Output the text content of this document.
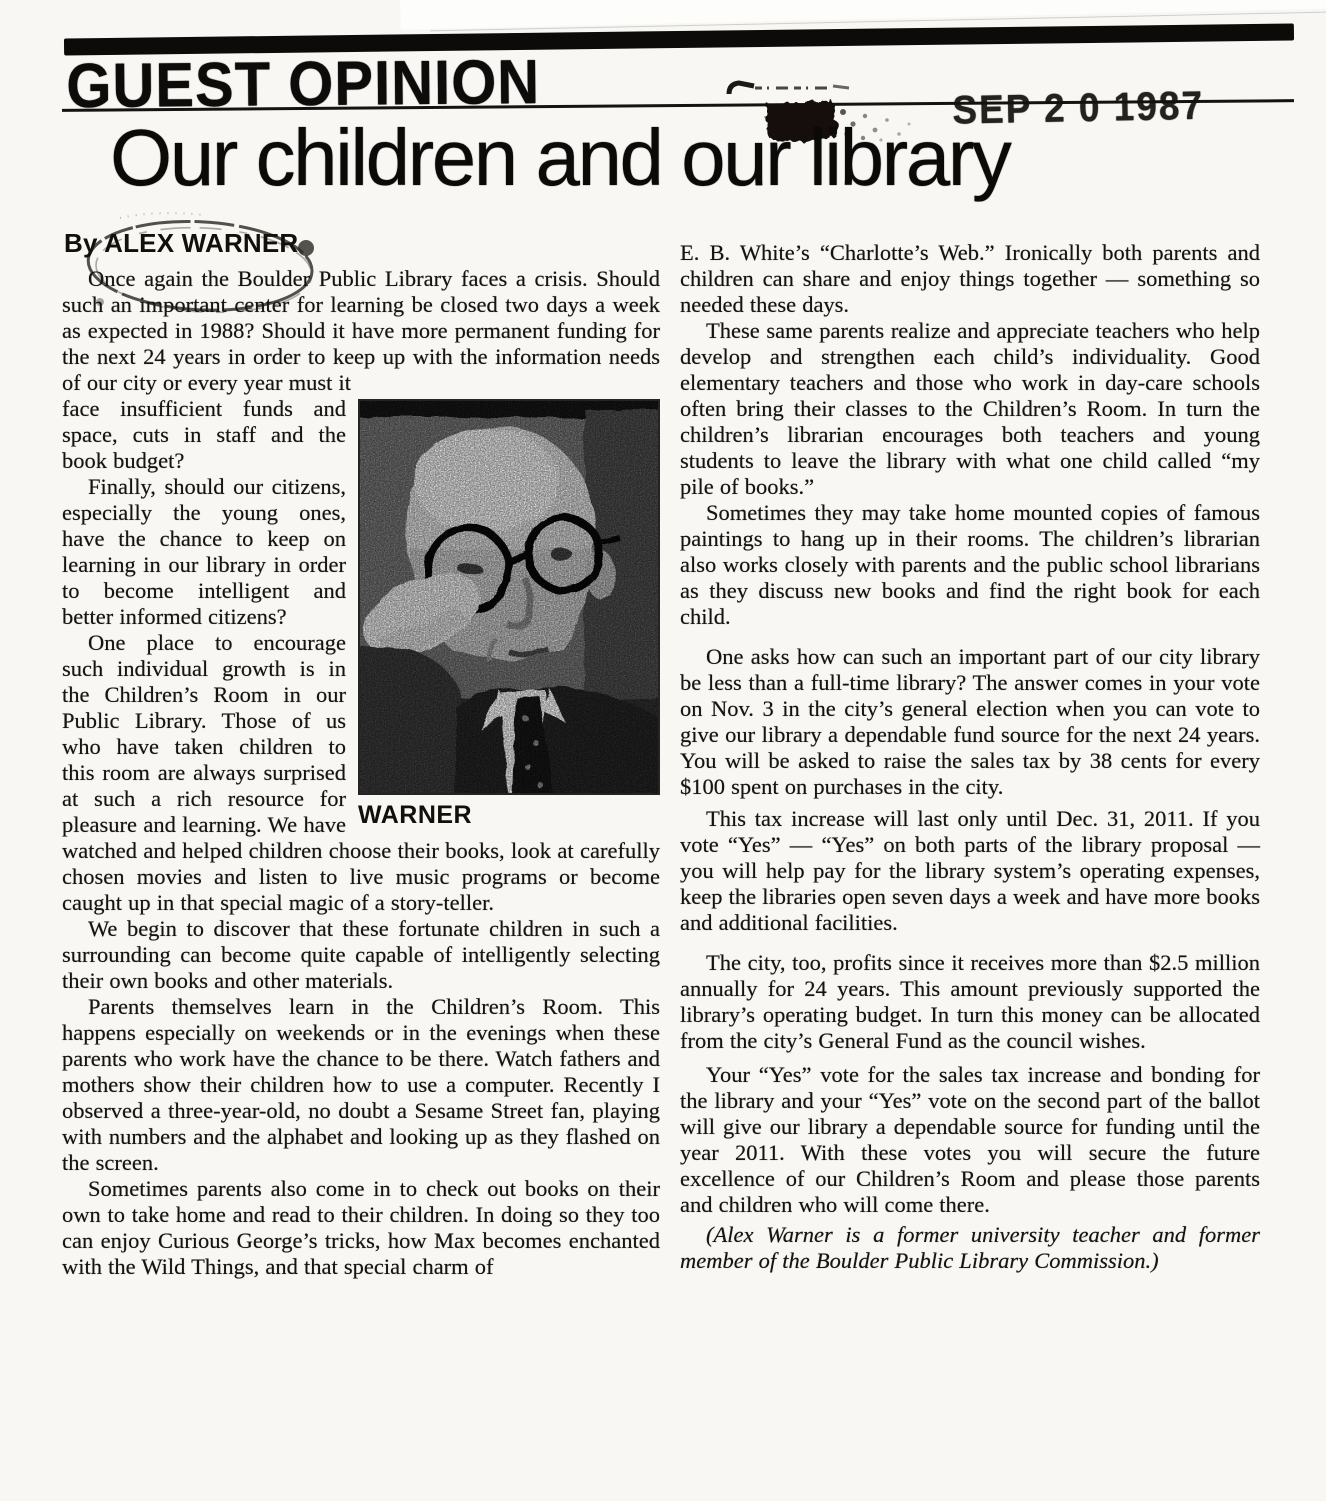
GUEST OPINION	SEP 2 0 1987
Our children and our library
By ALEX WARNER

Once again the Boulder Public Library faces a crisis. Should such an important center for learning be closed two days a week as expected in 1988? Should it have more permanent funding for the next 24 years in order to keep up with the information needs of our city or every year must it

WARNER

face insufficient funds and space, cuts in staff and the book budget?

Finally, should our citizens, especially the young ones, have the chance to keep on learning in our library in order to become intelligent and better informed citizens?

One place to encourage such individual growth is in the Children’s Room in our Public Library. Those of us who have taken children to this room are always surprised at such a rich resource for pleasure and learning. We have watched and helped children choose their books, look at carefully chosen movies and listen to live music programs or become caught up in that special magic of a story-teller.

We begin to discover that these fortunate children in such a surrounding can become quite capable of intelligently selecting their own books and other materials.

Parents themselves learn in the Children’s Room. This happens especially on weekends or in the evenings when these parents who work have the chance to be there. Watch fathers and mothers show their children how to use a computer. Recently I observed a three-year-old, no doubt a Sesame Street fan, playing with numbers and the alphabet and looking up as they flashed on the screen.

Sometimes parents also come in to check out books on their own to take home and read to their children. In doing so they too can enjoy Curious George’s tricks, how Max becomes enchanted with the Wild Things, and that special charm of

E. B. White’s “Charlotte’s Web.” Ironically both parents and children can share and enjoy things together — something so needed these days.

These same parents realize and appreciate teachers who help develop and strengthen each child’s individuality. Good elementary teachers and those who work in day-care schools often bring their classes to the Children’s Room. In turn the children’s librarian encourages both teachers and young students to leave the library with what one child called “my pile of books.”

Sometimes they may take home mounted copies of famous paintings to hang up in their rooms. The children’s librarian also works closely with parents and the public school librarians as they discuss new books and find the right book for each child.

One asks how can such an important part of our city library be less than a full-time library? The answer comes in your vote on Nov. 3 in the city’s general election when you can vote to give our library a dependable fund source for the next 24 years. You will be asked to raise the sales tax by 38 cents for every $100 spent on purchases in the city.

This tax increase will last only until Dec. 31, 2011. If you vote “Yes” — “Yes” on both parts of the library proposal — you will help pay for the library system’s operating expenses, keep the libraries open seven days a week and have more books and additional facilities.

The city, too, profits since it receives more than $2.5 million annually for 24 years. This amount previously supported the library’s operating budget. In turn this money can be allocated from the city’s General Fund as the council wishes.

Your “Yes” vote for the sales tax increase and bonding for the library and your “Yes” vote on the second part of the ballot will give our library a dependable source for funding until the year 2011. With these votes you will secure the future excellence of our Children’s Room and please those parents and children who will come there.

(Alex Warner is a former university teacher and former member of the Boulder Public Library Commission.)
